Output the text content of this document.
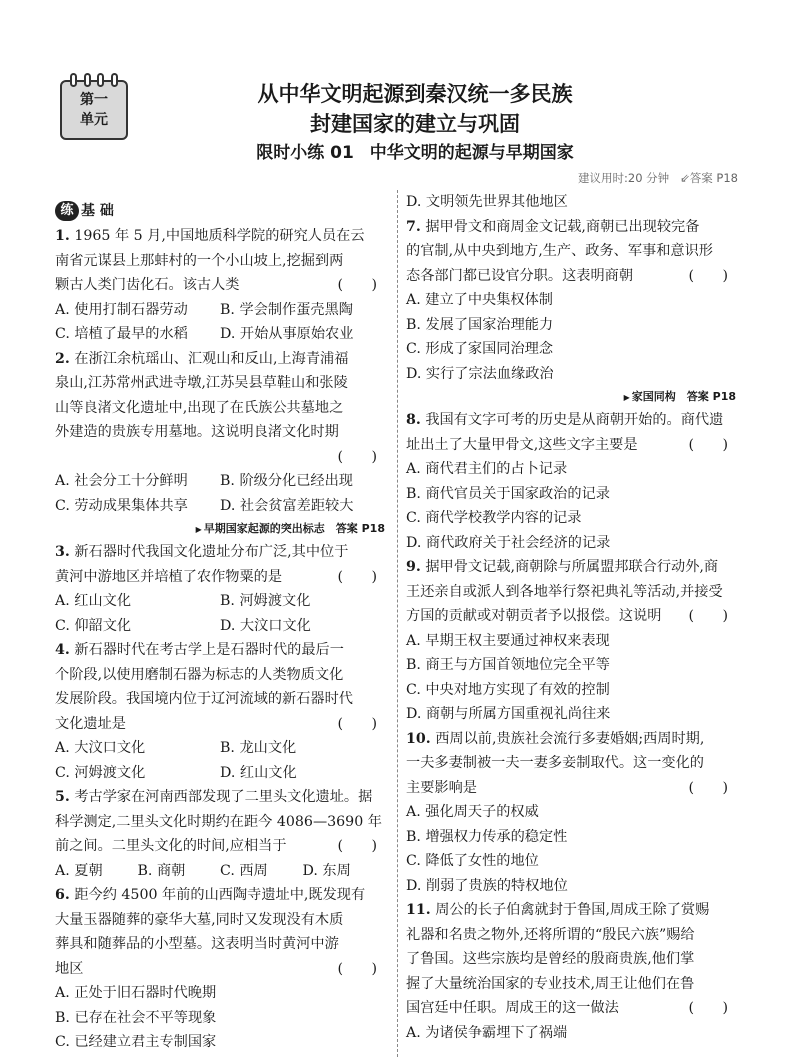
第一
单元
从中华文明起源到秦汉统一多民族
封建国家的建立与巩固
限时小练 01 中华文明的起源与早期国家
建议用时:20 分钟 ⇙答案 P18
练 基 础
1. 1965 年 5 月,中国地质科学院的研究人员在云
南省元谋县上那蚌村的一个小山坡上,挖掘到两
颗古人类门齿化石。该古人类	(　　)
A. 使用打制石器劳动	B. 学会制作蛋壳黑陶
C. 培植了最早的水稻	D. 开始从事原始农业
2. 在浙江余杭瑶山、汇观山和反山,上海青浦福
泉山,江苏常州武进寺墩,江苏吴县草鞋山和张陵
山等良渚文化遗址中,出现了在氏族公共墓地之
外建造的贵族专用墓地。这说明良渚文化时期
(　　)
A. 社会分工十分鲜明	B. 阶级分化已经出现
C. 劳动成果集体共享	D. 社会贫富差距较大
▶ 早期国家起源的突出标志　答案 P18
3. 新石器时代我国文化遗址分布广泛,其中位于
黄河中游地区并培植了农作物粟的是	(　　)
A. 红山文化	B. 河姆渡文化
C. 仰韶文化	D. 大汶口文化
4. 新石器时代在考古学上是石器时代的最后一
个阶段,以使用磨制石器为标志的人类物质文化
发展阶段。我国境内位于辽河流域的新石器时代
文化遗址是	(　　)
A. 大汶口文化	B. 龙山文化
C. 河姆渡文化	D. 红山文化
5. 考古学家在河南西部发现了二里头文化遗址。据
科学测定,二里头文化时期约在距今 4086—3690 年
前之间。二里头文化的时间,应相当于	(　　)
A. 夏朝	B. 商朝	C. 西周	D. 东周
6. 距今约 4500 年前的山西陶寺遗址中,既发现有
大量玉器随葬的豪华大墓,同时又发现没有木质
葬具和随葬品的小型墓。这表明当时黄河中游
地区	(　　)
A. 正处于旧石器时代晚期
B. 已存在社会不平等现象
C. 已经建立君主专制国家
D. 文明领先世界其他地区
7. 据甲骨文和商周金文记载,商朝已出现较完备
的官制,从中央到地方,生产、政务、军事和意识形
态各部门都已设官分职。这表明商朝	(　　)
A. 建立了中央集权体制
B. 发展了国家治理能力
C. 形成了家国同治理念
D. 实行了宗法血缘政治
▶ 家国同构　答案 P18
8. 我国有文字可考的历史是从商朝开始的。商代遗
址出土了大量甲骨文,这些文字主要是	(　　)
A. 商代君主们的占卜记录
B. 商代官员关于国家政治的记录
C. 商代学校教学内容的记录
D. 商代政府关于社会经济的记录
9. 据甲骨文记载,商朝除与所属盟邦联合行动外,商
王还亲自或派人到各地举行祭祀典礼等活动,并接受
方国的贡献或对朝贡者予以报偿。这说明 (　　)
A. 早期王权主要通过神权来表现
B. 商王与方国首领地位完全平等
C. 中央对地方实现了有效的控制
D. 商朝与所属方国重视礼尚往来
10. 西周以前,贵族社会流行多妻婚姻;西周时期,
一夫多妻制被一夫一妻多妾制取代。这一变化的
主要影响是	(　　)
A. 强化周天子的权威
B. 增强权力传承的稳定性
C. 降低了女性的地位
D. 削弱了贵族的特权地位
11. 周公的长子伯禽就封于鲁国,周成王除了赏赐
礼器和名贵之物外,还将所谓的“殷民六族”赐给
了鲁国。这些宗族均是曾经的殷商贵族,他们掌
握了大量统治国家的专业技术,周王让他们在鲁
国宫廷中任职。周成王的这一做法	(　　)
A. 为诸侯争霸埋下了祸端
